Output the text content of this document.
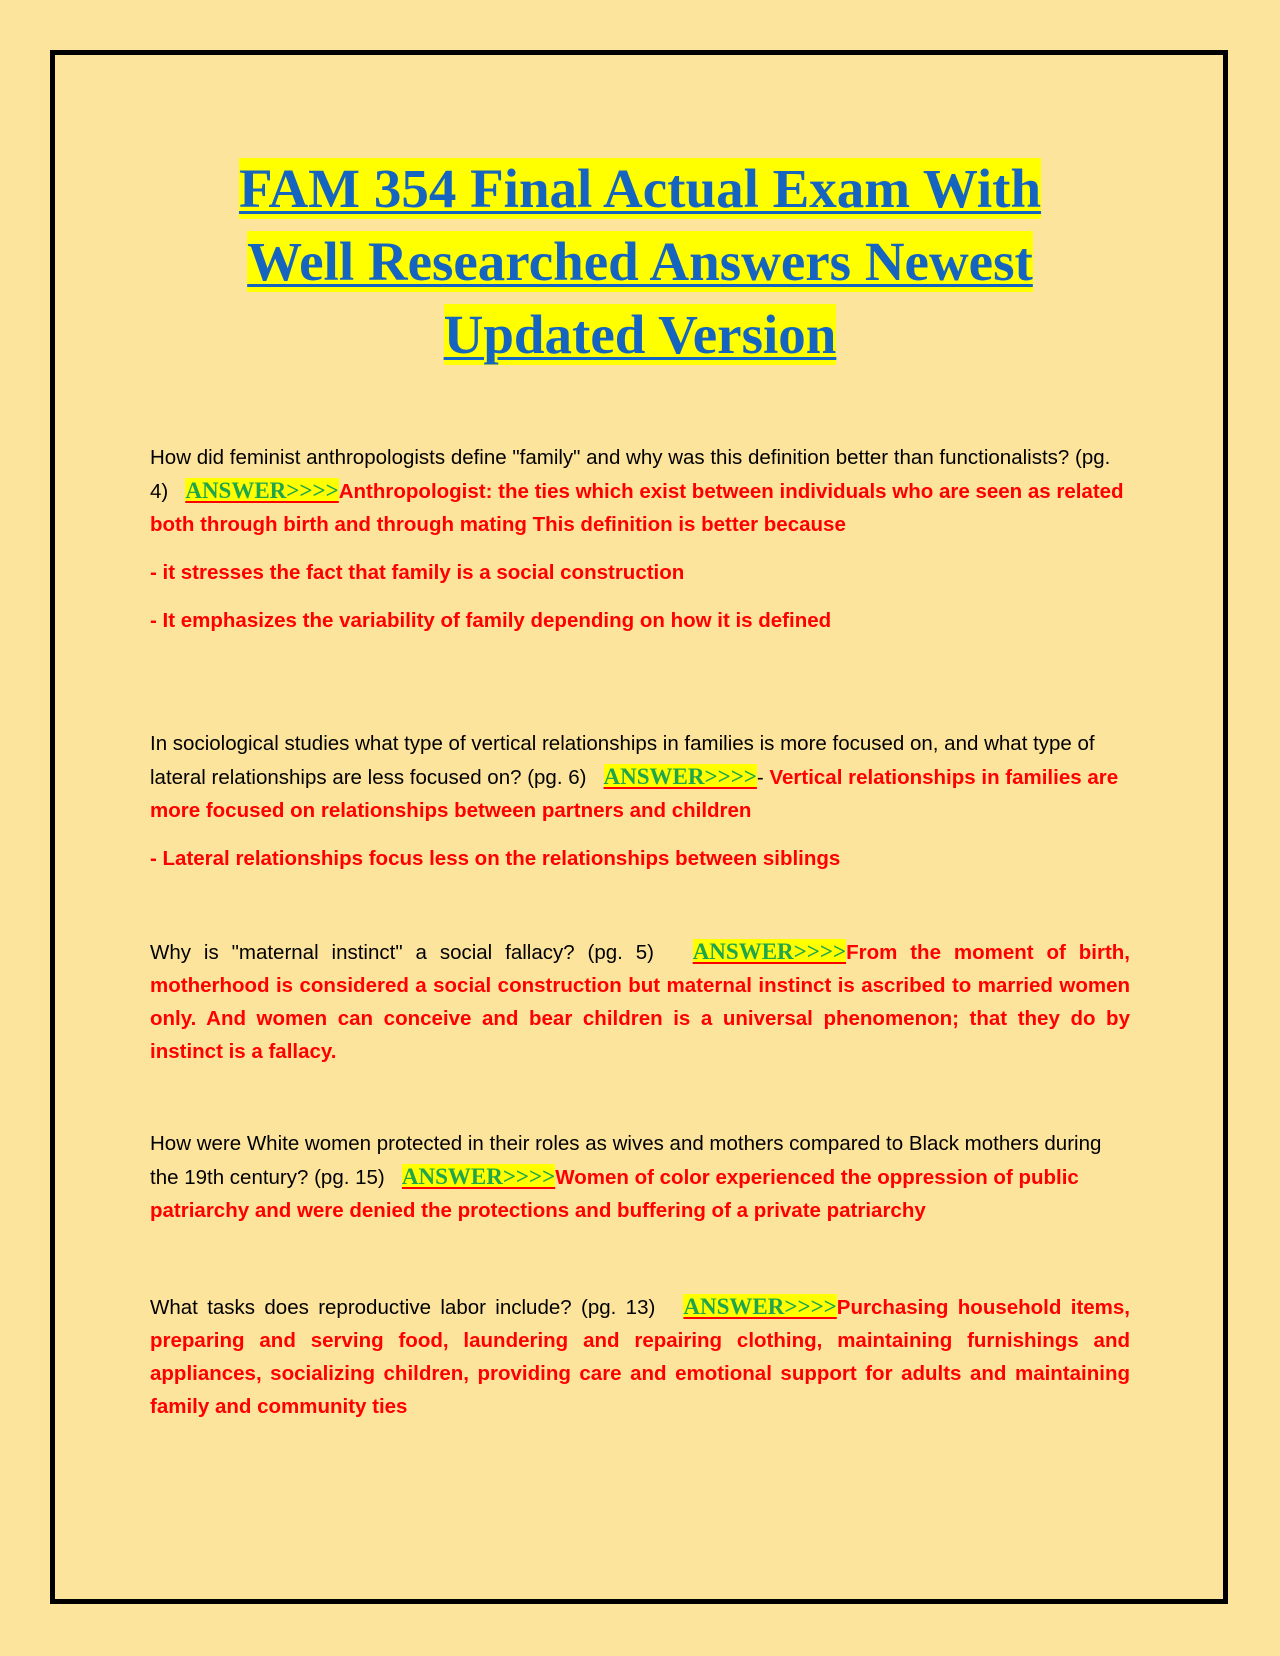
FAM 354 Final Actual Exam With
Well Researched Answers Newest
Updated Version

How did feminist anthropologists define "family" and why was this definition better than functionalists? (pg. 4) ANSWER>>>>Anthropologist: the ties which exist between individuals who are seen as related both through birth and through mating This definition is better because

- it stresses the fact that family is a social construction

- It emphasizes the variability of family depending on how it is defined

In sociological studies what type of vertical relationships in families is more focused on, and what type of lateral relationships are less focused on? (pg. 6) ANSWER>>>>- Vertical relationships in families are more focused on relationships between partners and children

- Lateral relationships focus less on the relationships between siblings

Why is "maternal instinct" a social fallacy? (pg. 5) ANSWER>>>>From the moment of birth, motherhood is considered a social construction but maternal instinct is ascribed to married women only. And women can conceive and bear children is a universal phenomenon; that they do by instinct is a fallacy.

How were White women protected in their roles as wives and mothers compared to Black mothers during the 19th century? (pg. 15) ANSWER>>>>Women of color experienced the oppression of public patriarchy and were denied the protections and buffering of a private patriarchy

What tasks does reproductive labor include? (pg. 13) ANSWER>>>>Purchasing household items, preparing and serving food, laundering and repairing clothing, maintaining furnishings and appliances, socializing children, providing care and emotional support for adults and maintaining family and community ties
